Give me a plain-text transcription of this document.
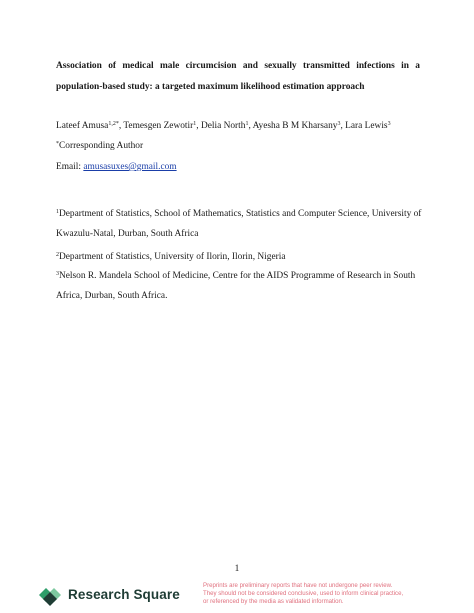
Association of medical male circumcision and sexually transmitted infections in a
population-based study: a targeted maximum likelihood estimation approach
Lateef Amusa$^{1,2*}$, Temesgen Zewotir$^1$, Delia North$^1$, Ayesha B M Kharsany$^3$, Lara Lewis$^3$
*Corresponding Author
Email: amusasuxes@gmail.com
$^1$Department of Statistics, School of Mathematics, Statistics and Computer Science, University of
Kwazulu-Natal, Durban, South Africa
$^2$Department of Statistics, University of Ilorin, Ilorin, Nigeria
$^3$Nelson R. Mandela School of Medicine, Centre for the AIDS Programme of Research in South
Africa, Durban, South Africa.
1
Research Square
Preprints are preliminary reports that have not undergone peer review.
They should not be considered conclusive, used to inform clinical practice,
or referenced by the media as validated information.
